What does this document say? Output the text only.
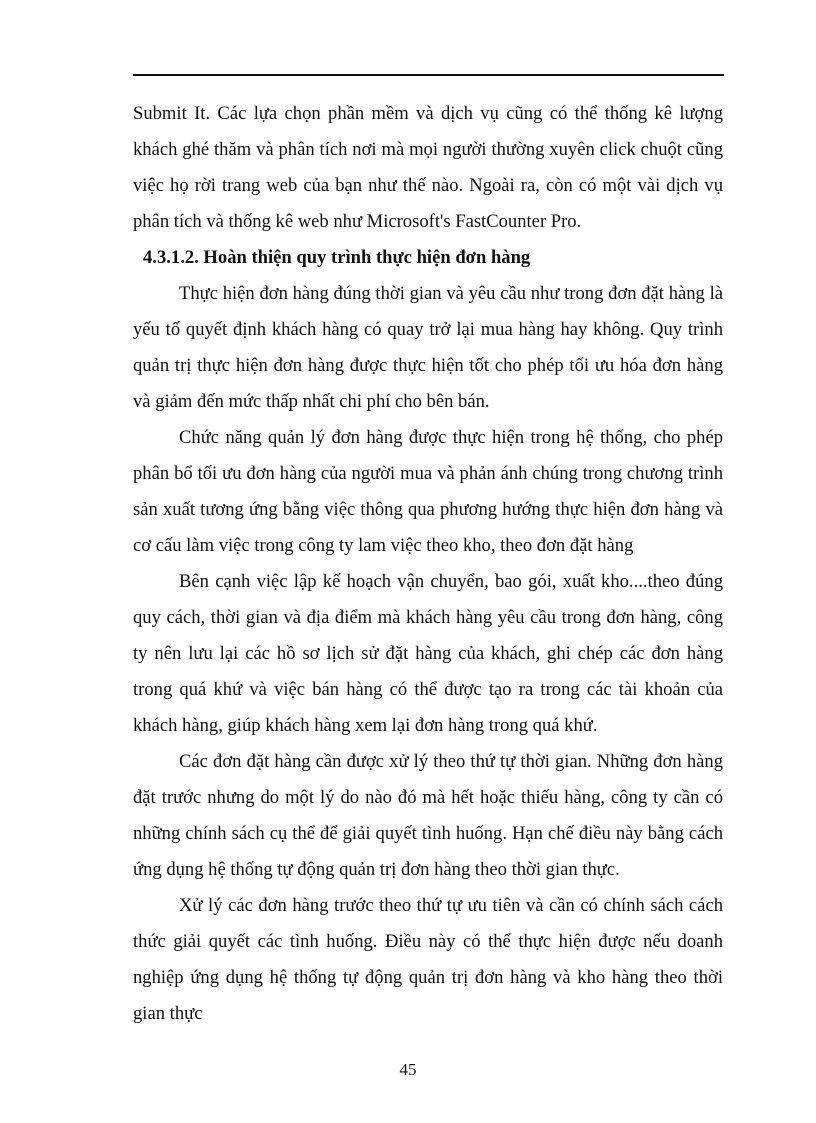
Submit It. Các lựa chọn phần mềm và dịch vụ cũng có thể thống kê lượng khách ghé thăm và phân tích nơi mà mọi người thường xuyên click chuột cũng việc họ rời trang web của bạn như thế nào. Ngoài ra, còn có một vài dịch vụ phân tích và thống kê web như Microsoft's FastCounter Pro.

4.3.1.2. Hoàn thiện quy trình thực hiện đơn hàng

Thực hiện đơn hàng đúng thời gian và yêu cầu như trong đơn đặt hàng là yếu tố quyết định khách hàng có quay trở lại mua hàng hay không. Quy trình quản trị thực hiện đơn hàng được thực hiện tốt cho phép tối ưu hóa đơn hàng và giảm đến mức thấp nhất chi phí cho bên bán.

Chức năng quản lý đơn hàng được thực hiện trong hệ thống, cho phép phân bổ tối ưu đơn hàng của người mua và phản ánh chúng trong chương trình sản xuất tương ứng bằng việc thông qua phương hướng thực hiện đơn hàng và cơ cấu làm việc trong công ty lam việc theo kho, theo đơn đặt hàng

Bên cạnh việc lập kế hoạch vận chuyển, bao gói, xuất kho....theo đúng quy cách, thời gian và địa điểm mà khách hàng yêu cầu trong đơn hàng, công ty nên lưu lại các hồ sơ lịch sử đặt hàng của khách, ghi chép các đơn hàng trong quá khứ và việc bán hàng có thể được tạo ra trong các tài khoản của khách hàng, giúp khách hàng xem lại đơn hàng trong quá khứ.

Các đơn đặt hàng cần được xử lý theo thứ tự thời gian. Những đơn hàng đặt trước nhưng do một lý do nào đó mà hết hoặc thiếu hàng, công ty cần có những chính sách cụ thể để giải quyết tình huống. Hạn chế điều này bằng cách ứng dụng hệ thống tự động quản trị đơn hàng theo thời gian thực.

Xử lý các đơn hàng trước theo thứ tự ưu tiên và cần có chính sách cách thức giải quyết các tình huống. Điều này có thể thực hiện được nếu doanh nghiệp ứng dụng hệ thống tự động quản trị đơn hàng và kho hàng theo thời gian thực

45
